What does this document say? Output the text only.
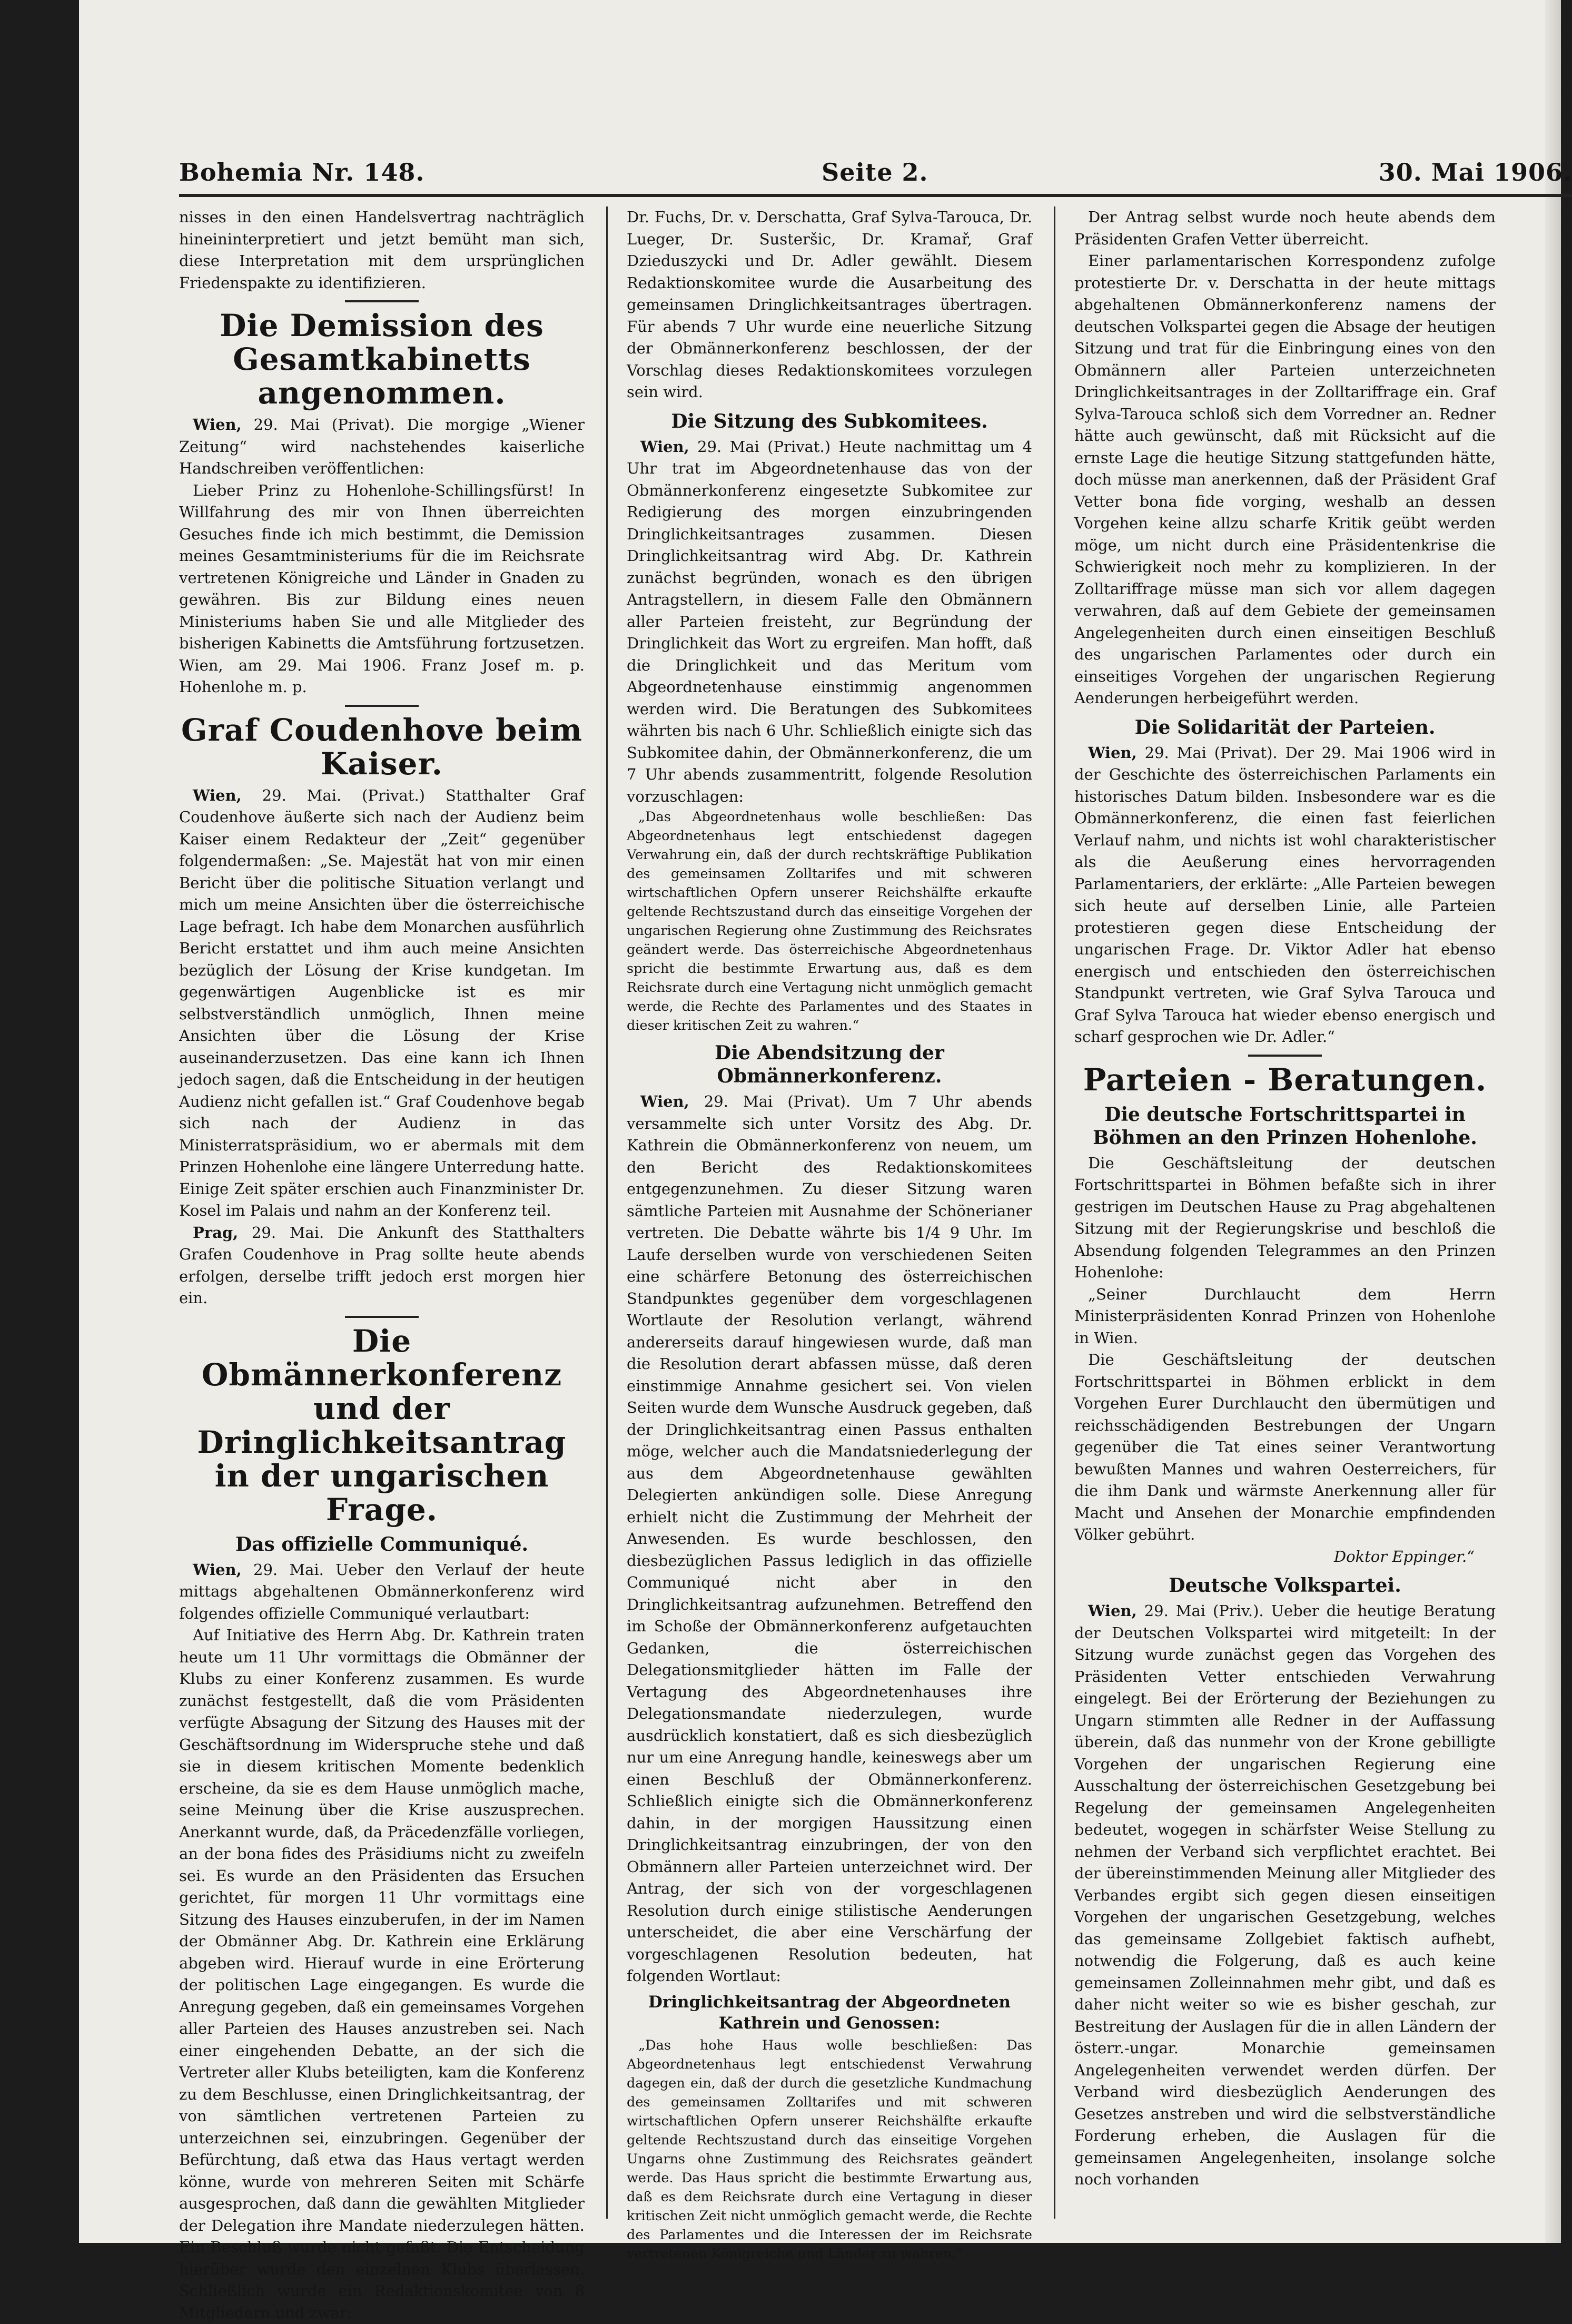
Bohemia Nr. 148.	Seite 2.	30. Mai 1906.

nisses in den einen Handelsvertrag nachträglich hineininterpretiert und jetzt bemüht man sich, diese Interpretation mit dem ursprünglichen Friedenspakte zu identifizieren.

Die Demission des Gesamtkabinetts angenommen.

Wien, 29. Mai (Privat). Die morgige „Wiener Zeitung“ wird nachstehendes kaiserliche Handschreiben veröffentlichen:

Lieber Prinz zu Hohenlohe-Schillingsfürst! In Willfahrung des mir von Ihnen überreichten Gesuches finde ich mich bestimmt, die Demission meines Gesamtministeriums für die im Reichsrate vertretenen Königreiche und Länder in Gnaden zu gewähren. Bis zur Bildung eines neuen Ministeriums haben Sie und alle Mitglieder des bisherigen Kabinetts die Amtsführung fortzusetzen. Wien, am 29. Mai 1906. Franz Josef m. p. Hohenlohe m. p.

Graf Coudenhove beim Kaiser.

Wien, 29. Mai. (Privat.) Statthalter Graf Coudenhove äußerte sich nach der Audienz beim Kaiser einem Redakteur der „Zeit“ gegenüber folgendermaßen: „Se. Majestät hat von mir einen Bericht über die politische Situation verlangt und mich um meine Ansichten über die österreichische Lage befragt. Ich habe dem Monarchen ausführlich Bericht erstattet und ihm auch meine Ansichten bezüglich der Lösung der Krise kundgetan. Im gegenwärtigen Augenblicke ist es mir selbstverständlich unmöglich, Ihnen meine Ansichten über die Lösung der Krise auseinanderzusetzen. Das eine kann ich Ihnen jedoch sagen, daß die Entscheidung in der heutigen Audienz nicht gefallen ist.“ Graf Coudenhove begab sich nach der Audienz in das Ministerratspräsidium, wo er abermals mit dem Prinzen Hohenlohe eine längere Unterredung hatte. Einige Zeit später erschien auch Finanzminister Dr. Kosel im Palais und nahm an der Konferenz teil.

Prag, 29. Mai. Die Ankunft des Statthalters Grafen Coudenhove in Prag sollte heute abends erfolgen, derselbe trifft jedoch erst morgen hier ein.

Die Obmännerkonferenz und der Dringlichkeitsantrag in der ungarischen Frage.
Das offizielle Communiqué.

Wien, 29. Mai. Ueber den Verlauf der heute mittags abgehaltenen Obmännerkonferenz wird folgendes offizielle Communiqué verlautbart:

Auf Initiative des Herrn Abg. Dr. Kathrein traten heute um 11 Uhr vormittags die Obmänner der Klubs zu einer Konferenz zusammen. Es wurde zunächst festgestellt, daß die vom Präsidenten verfügte Absagung der Sitzung des Hauses mit der Geschäftsordnung im Widerspruche stehe und daß sie in diesem kritischen Momente bedenklich erscheine, da sie es dem Hause unmöglich mache, seine Meinung über die Krise auszusprechen. Anerkannt wurde, daß, da Präcedenzfälle vorliegen, an der bona fides des Präsidiums nicht zu zweifeln sei. Es wurde an den Präsidenten das Ersuchen gerichtet, für morgen 11 Uhr vormittags eine Sitzung des Hauses einzuberufen, in der im Namen der Obmänner Abg. Dr. Kathrein eine Erklärung abgeben wird. Hierauf wurde in eine Erörterung der politischen Lage eingegangen. Es wurde die Anregung gegeben, daß ein gemeinsames Vorgehen aller Parteien des Hauses anzustreben sei. Nach einer eingehenden Debatte, an der sich die Vertreter aller Klubs beteiligten, kam die Konferenz zu dem Beschlusse, einen Dringlichkeitsantrag, der von sämtlichen vertretenen Parteien zu unterzeichnen sei, einzubringen. Gegenüber der Befürchtung, daß etwa das Haus vertagt werden könne, wurde von mehreren Seiten mit Schärfe ausgesprochen, daß dann die gewählten Mitglieder der Delegation ihre Mandate niederzulegen hätten. Ein Beschluß wurde nicht gefaßt. Die Entscheidung hierüber wurde den einzelnen Klubs überlassen. Schließlich wurde ein Redaktionskomitee von 8 Mitgliedern und zwar:

Dr. Fuchs, Dr. v. Derschatta, Graf Sylva-Tarouca, Dr. Lueger, Dr. Susteršic, Dr. Kramař, Graf Dzieduszycki und Dr. Adler gewählt. Diesem Redaktionskomitee wurde die Ausarbeitung des gemeinsamen Dringlichkeitsantrages übertragen. Für abends 7 Uhr wurde eine neuerliche Sitzung der Obmännerkonferenz beschlossen, der der Vorschlag dieses Redaktionskomitees vorzulegen sein wird.

Die Sitzung des Subkomitees.

Wien, 29. Mai (Privat.) Heute nachmittag um 4 Uhr trat im Abgeordnetenhause das von der Obmännerkonferenz eingesetzte Subkomitee zur Redigierung des morgen einzubringenden Dringlichkeitsantrages zusammen. Diesen Dringlichkeitsantrag wird Abg. Dr. Kathrein zunächst begründen, wonach es den übrigen Antragstellern, in diesem Falle den Obmännern aller Parteien freisteht, zur Begründung der Dringlichkeit das Wort zu ergreifen. Man hofft, daß die Dringlichkeit und das Meritum vom Abgeordnetenhause einstimmig angenommen werden wird. Die Beratungen des Subkomitees währten bis nach 6 Uhr. Schließlich einigte sich das Subkomitee dahin, der Obmännerkonferenz, die um 7 Uhr abends zusammentritt, folgende Resolution vorzuschlagen:

„Das Abgeordnetenhaus wolle beschließen: Das Abgeordnetenhaus legt entschiedenst dagegen Verwahrung ein, daß der durch rechtskräftige Publikation des gemeinsamen Zolltarifes und mit schweren wirtschaftlichen Opfern unserer Reichshälfte erkaufte geltende Rechtszustand durch das einseitige Vorgehen der ungarischen Regierung ohne Zustimmung des Reichsrates geändert werde. Das österreichische Abgeordnetenhaus spricht die bestimmte Erwartung aus, daß es dem Reichsrate durch eine Vertagung nicht unmöglich gemacht werde, die Rechte des Parlamentes und des Staates in dieser kritischen Zeit zu wahren.“

Die Abendsitzung der Obmännerkonferenz.

Wien, 29. Mai (Privat). Um 7 Uhr abends versammelte sich unter Vorsitz des Abg. Dr. Kathrein die Obmännerkonferenz von neuem, um den Bericht des Redaktionskomitees entgegenzunehmen. Zu dieser Sitzung waren sämtliche Parteien mit Ausnahme der Schönerianer vertreten. Die Debatte währte bis 1/4 9 Uhr. Im Laufe derselben wurde von verschiedenen Seiten eine schärfere Betonung des österreichischen Standpunktes gegenüber dem vorgeschlagenen Wortlaute der Resolution verlangt, während andererseits darauf hingewiesen wurde, daß man die Resolution derart abfassen müsse, daß deren einstimmige Annahme gesichert sei. Von vielen Seiten wurde dem Wunsche Ausdruck gegeben, daß der Dringlichkeitsantrag einen Passus enthalten möge, welcher auch die Mandatsniederlegung der aus dem Abgeordnetenhause gewählten Delegierten ankündigen solle. Diese Anregung erhielt nicht die Zustimmung der Mehrheit der Anwesenden. Es wurde beschlossen, den diesbezüglichen Passus lediglich in das offizielle Communiqué nicht aber in den Dringlichkeitsantrag aufzunehmen. Betreffend den im Schoße der Obmännerkonferenz aufgetauchten Gedanken, die österreichischen Delegationsmitglieder hätten im Falle der Vertagung des Abgeordnetenhauses ihre Delegationsmandate niederzulegen, wurde ausdrücklich konstatiert, daß es sich diesbezüglich nur um eine Anregung handle, keineswegs aber um einen Beschluß der Obmännerkonferenz. Schließlich einigte sich die Obmännerkonferenz dahin, in der morgigen Haussitzung einen Dringlichkeitsantrag einzubringen, der von den Obmännern aller Parteien unterzeichnet wird. Der Antrag, der sich von der vorgeschlagenen Resolution durch einige stilistische Aenderungen unterscheidet, die aber eine Verschärfung der vorgeschlagenen Resolution bedeuten, hat folgenden Wortlaut:

Dringlichkeitsantrag der Abgeordneten Kathrein und Genossen:

„Das hohe Haus wolle beschließen: Das Abgeordnetenhaus legt entschiedenst Verwahrung dagegen ein, daß der durch die gesetzliche Kundmachung des gemeinsamen Zolltarifes und mit schweren wirtschaftlichen Opfern unserer Reichshälfte erkaufte geltende Rechtszustand durch das einseitige Vorgehen Ungarns ohne Zustimmung des Reichsrates geändert werde. Das Haus spricht die bestimmte Erwartung aus, daß es dem Reichsrate durch eine Vertagung in dieser kritischen Zeit nicht unmöglich gemacht werde, die Rechte des Parlamentes und die Interessen der im Reichsrate vertretenen Königreiche und Länder zu wahren.“

Der Antrag selbst wurde noch heute abends dem Präsidenten Grafen Vetter überreicht.

Einer parlamentarischen Korrespondenz zufolge protestierte Dr. v. Derschatta in der heute mittags abgehaltenen Obmännerkonferenz namens der deutschen Volkspartei gegen die Absage der heutigen Sitzung und trat für die Einbringung eines von den Obmännern aller Parteien unterzeichneten Dringlichkeitsantrages in der Zolltariffrage ein. Graf Sylva-Tarouca schloß sich dem Vorredner an. Redner hätte auch gewünscht, daß mit Rücksicht auf die ernste Lage die heutige Sitzung stattgefunden hätte, doch müsse man anerkennen, daß der Präsident Graf Vetter bona fide vorging, weshalb an dessen Vorgehen keine allzu scharfe Kritik geübt werden möge, um nicht durch eine Präsidentenkrise die Schwierigkeit noch mehr zu komplizieren. In der Zolltariffrage müsse man sich vor allem dagegen verwahren, daß auf dem Gebiete der gemeinsamen Angelegenheiten durch einen einseitigen Beschluß des ungarischen Parlamentes oder durch ein einseitiges Vorgehen der ungarischen Regierung Aenderungen herbeigeführt werden.

Die Solidarität der Parteien.

Wien, 29. Mai (Privat). Der 29. Mai 1906 wird in der Geschichte des österreichischen Parlaments ein historisches Datum bilden. Insbesondere war es die Obmännerkonferenz, die einen fast feierlichen Verlauf nahm, und nichts ist wohl charakteristischer als die Aeußerung eines hervorragenden Parlamentariers, der erklärte: „Alle Parteien bewegen sich heute auf derselben Linie, alle Parteien protestieren gegen diese Entscheidung der ungarischen Frage. Dr. Viktor Adler hat ebenso energisch und entschieden den österreichischen Standpunkt vertreten, wie Graf Sylva Tarouca und Graf Sylva Tarouca hat wieder ebenso energisch und scharf gesprochen wie Dr. Adler.“

Parteien - Beratungen.
Die deutsche Fortschrittspartei in Böhmen an den Prinzen Hohenlohe.

Die Geschäftsleitung der deutschen Fortschrittspartei in Böhmen befaßte sich in ihrer gestrigen im Deutschen Hause zu Prag abgehaltenen Sitzung mit der Regierungskrise und beschloß die Absendung folgenden Telegrammes an den Prinzen Hohenlohe:

„Seiner Durchlaucht dem Herrn Ministerpräsidenten Konrad Prinzen von Hohenlohe in Wien.

Die Geschäftsleitung der deutschen Fortschrittspartei in Böhmen erblickt in dem Vorgehen Eurer Durchlaucht den übermütigen und reichsschädigenden Bestrebungen der Ungarn gegenüber die Tat eines seiner Verantwortung bewußten Mannes und wahren Oesterreichers, für die ihm Dank und wärmste Anerkennung aller für Macht und Ansehen der Monarchie empfindenden Völker gebührt.

Doktor Eppinger.“

Deutsche Volkspartei.

Wien, 29. Mai (Priv.). Ueber die heutige Beratung der Deutschen Volkspartei wird mitgeteilt: In der Sitzung wurde zunächst gegen das Vorgehen des Präsidenten Vetter entschieden Verwahrung eingelegt. Bei der Erörterung der Beziehungen zu Ungarn stimmten alle Redner in der Auffassung überein, daß das nunmehr von der Krone gebilligte Vorgehen der ungarischen Regierung eine Ausschaltung der österreichischen Gesetzgebung bei Regelung der gemeinsamen Angelegenheiten bedeutet, wogegen in schärfster Weise Stellung zu nehmen der Verband sich verpflichtet erachtet. Bei der übereinstimmenden Meinung aller Mitglieder des Verbandes ergibt sich gegen diesen einseitigen Vorgehen der ungarischen Gesetzgebung, welches das gemeinsame Zollgebiet faktisch aufhebt, notwendig die Folgerung, daß es auch keine gemeinsamen Zolleinnahmen mehr gibt, und daß es daher nicht weiter so wie es bisher geschah, zur Bestreitung der Auslagen für die in allen Ländern der österr.-ungar. Monarchie gemeinsamen Angelegenheiten verwendet werden dürfen. Der Verband wird diesbezüglich Aenderungen des Gesetzes anstreben und wird die selbstverständliche Forderung erheben, die Auslagen für die gemeinsamen Angelegenheiten, insolange solche noch vorhanden
